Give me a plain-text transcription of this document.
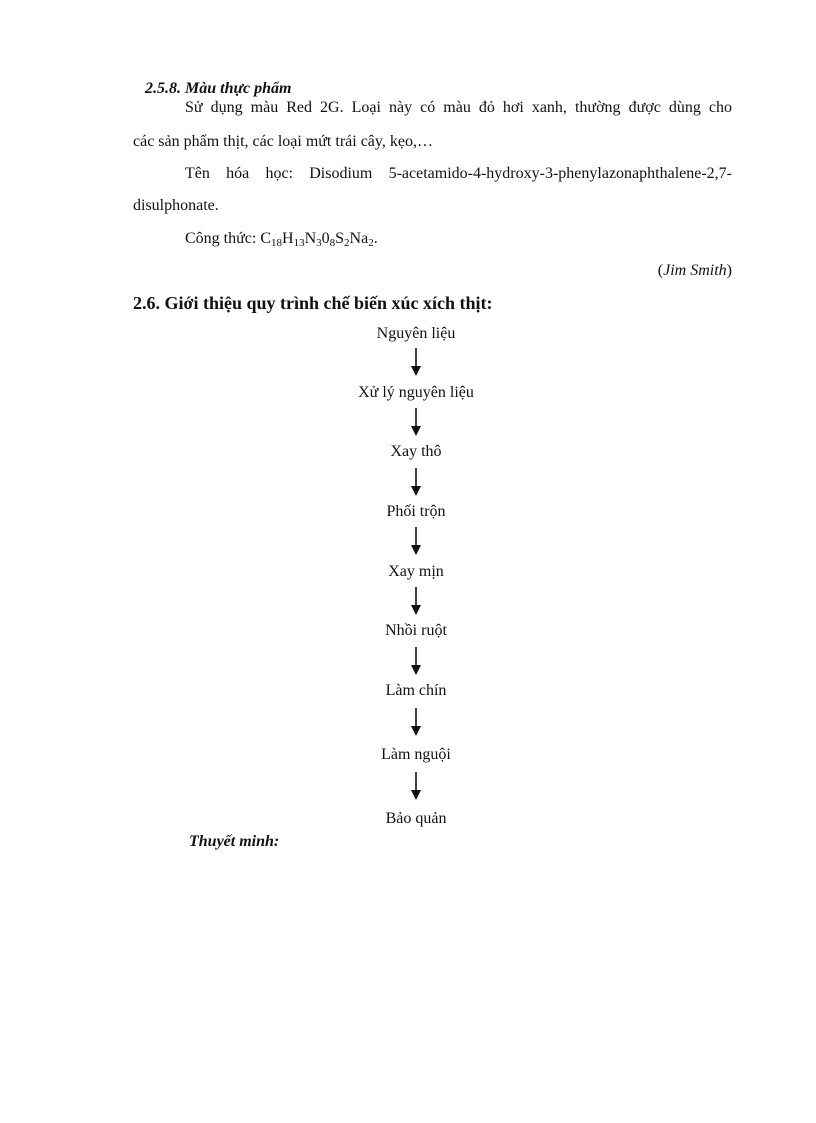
2.5.8. Màu thực phẩm
Sử dụng màu Red 2G. Loại này có màu đỏ hơi xanh, thường được dùng cho
các sản phẩm thịt, các loại mứt trái cây, kẹo,…
Tên hóa học: Disodium 5-acetamido-4-hydroxy-3-phenylazonaphthalene-2,7-
disulphonate.
Công thức: $C_{18}H_{13}N_30_8S_2Na_2$.
(Jim Smith)
2.6. Giới thiệu quy trình chế biến xúc xích thịt:
Nguyên liệu
Xử lý nguyên liệu
Xay thô
Phối trộn
Xay mịn
Nhồi ruột
Làm chín
Làm nguội
Bảo quản
Thuyết minh:
